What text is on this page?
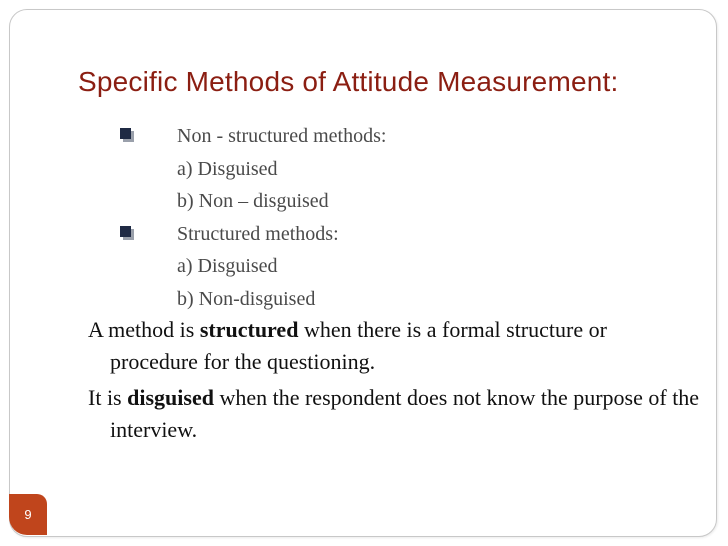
Specific Methods of Attitude Measurement:
Non - structured methods:
a) Disguised
b) Non – disguised
Structured methods:
a) Disguised
b) Non-disguised

A method is structured when there is a formal structure or procedure for the questioning.

It is disguised when the respondent does not know the purpose of the interview.

9
